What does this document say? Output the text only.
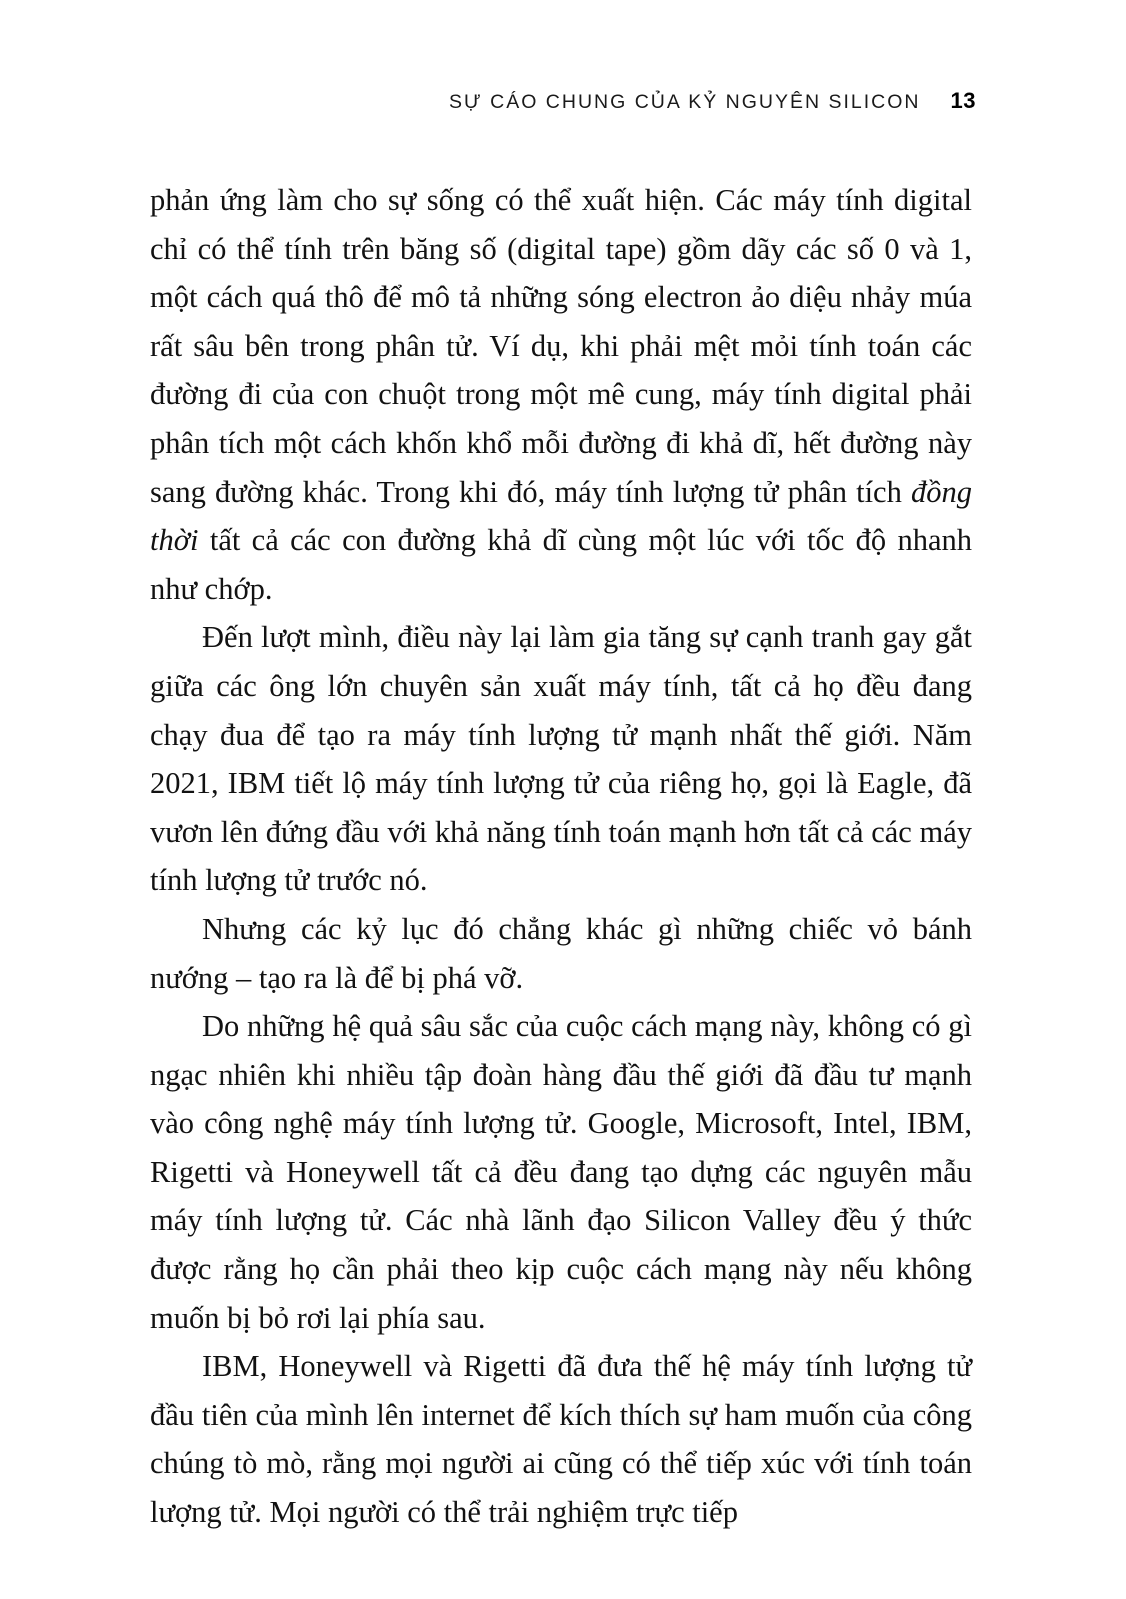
SỰ CÁO CHUNG CỦA KỶ NGUYÊN SILICON 13

phản ứng làm cho sự sống có thể xuất hiện. Các máy tính digital chỉ có thể tính trên băng số (digital tape) gồm dãy các số 0 và 1, một cách quá thô để mô tả những sóng electron ảo diệu nhảy múa rất sâu bên trong phân tử. Ví dụ, khi phải mệt mỏi tính toán các đường đi của con chuột trong một mê cung, máy tính digital phải phân tích một cách khốn khổ mỗi đường đi khả dĩ, hết đường này sang đường khác. Trong khi đó, máy tính lượng tử phân tích đồng thời tất cả các con đường khả dĩ cùng một lúc với tốc độ nhanh như chớp.

Đến lượt mình, điều này lại làm gia tăng sự cạnh tranh gay gắt giữa các ông lớn chuyên sản xuất máy tính, tất cả họ đều đang chạy đua để tạo ra máy tính lượng tử mạnh nhất thế giới. Năm 2021, IBM tiết lộ máy tính lượng tử của riêng họ, gọi là Eagle, đã vươn lên đứng đầu với khả năng tính toán mạnh hơn tất cả các máy tính lượng tử trước nó.

Nhưng các kỷ lục đó chẳng khác gì những chiếc vỏ bánh nướng – tạo ra là để bị phá vỡ.

Do những hệ quả sâu sắc của cuộc cách mạng này, không có gì ngạc nhiên khi nhiều tập đoàn hàng đầu thế giới đã đầu tư mạnh vào công nghệ máy tính lượng tử. Google, Microsoft, Intel, IBM, Rigetti và Honeywell tất cả đều đang tạo dựng các nguyên mẫu máy tính lượng tử. Các nhà lãnh đạo Silicon Valley đều ý thức được rằng họ cần phải theo kịp cuộc cách mạng này nếu không muốn bị bỏ rơi lại phía sau.

IBM, Honeywell và Rigetti đã đưa thế hệ máy tính lượng tử đầu tiên của mình lên internet để kích thích sự ham muốn của công chúng tò mò, rằng mọi người ai cũng có thể tiếp xúc với tính toán lượng tử. Mọi người có thể trải nghiệm trực tiếp
